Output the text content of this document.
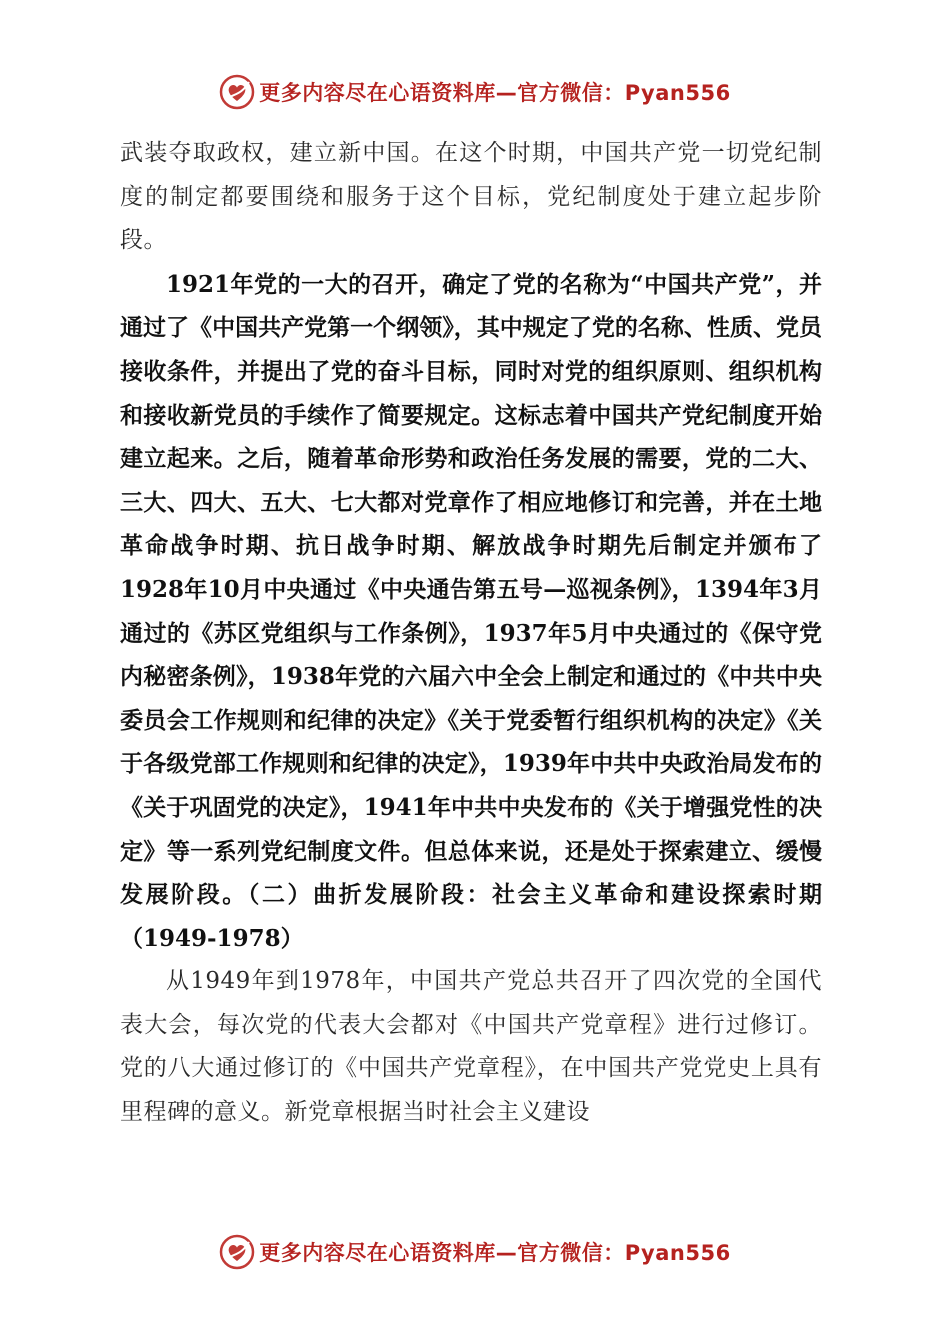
更多内容尽在心语资料库—官方微信：Pyan556

武装夺取政权，建立新中国。在这个时期，中国共产党一切党纪制度的制定都要围绕和服务于这个目标，党纪制度处于建立起步阶段。

1921年党的一大的召开，确定了党的名称为“中国共产党”，并通过了《中国共产党第一个纲领》，其中规定了党的名称、性质、党员接收条件，并提出了党的奋斗目标，同时对党的组织原则、组织机构和接收新党员的手续作了简要规定。这标志着中国共产党纪制度开始建立起来。之后，随着革命形势和政治任务发展的需要，党的二大、三大、四大、五大、七大都对党章作了相应地修订和完善，并在土地革命战争时期、抗日战争时期、解放战争时期先后制定并颁布了1928年10月中央通过《中央通告第五号—巡视条例》，1394年3月通过的《苏区党组织与工作条例》，1937年5月中央通过的《保守党内秘密条例》，1938年党的六届六中全会上制定和通过的《中共中央委员会工作规则和纪律的决定》《关于党委暂行组织机构的决定》《关于各级党部工作规则和纪律的决定》，1939年中共中央政治局发布的《关于巩固党的决定》，1941年中共中央发布的《关于增强党性的决定》等一系列党纪制度文件。但总体来说，还是处于探索建立、缓慢发展阶段。（二）曲折发展阶段：社会主义革命和建设探索时期（1949-1978）

从1949年到1978年，中国共产党总共召开了四次党的全国代表大会，每次党的代表大会都对《中国共产党章程》进行过修订。党的八大通过修订的《中国共产党章程》，在中国共产党党史上具有里程碑的意义。新党章根据当时社会主义建设

更多内容尽在心语资料库—官方微信：Pyan556
